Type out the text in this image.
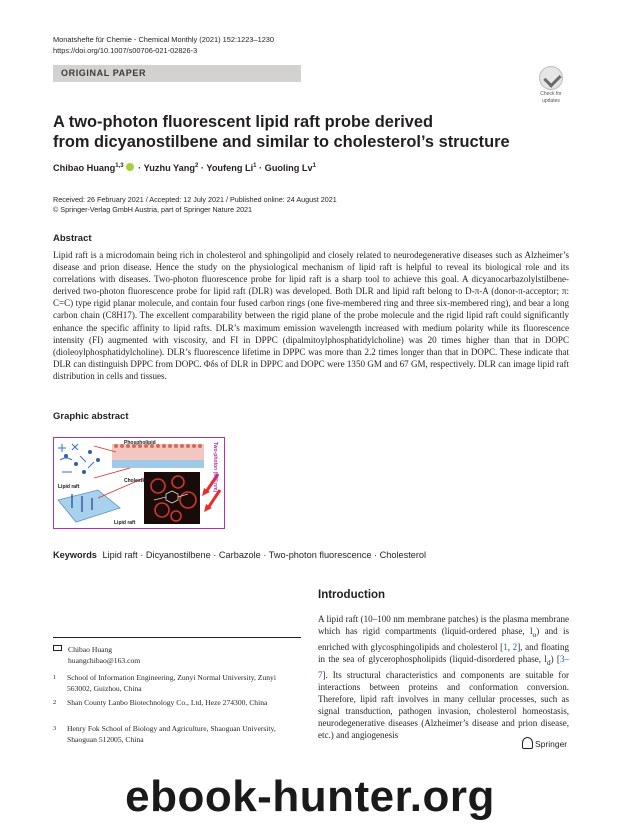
Monatshefte für Chemie - Chemical Monthly (2021) 152:1223–1230
https://doi.org/10.1007/s00706-021-02826-3
ORIGINAL PAPER
Check for
updates
A two-photon fluorescent lipid raft probe derived
from dicyanostilbene and similar to cholesterol’s structure
Chibao Huang$^{1,3}$ · Yuzhu Yang$^2$ · Youfeng $Li^1$ · Guoling Lv$^1$
Received: 26 February 2021 / Accepted: 12 July 2021 / Published online: 24 August 2021
© Springer-Verlag GmbH Austria, part of Springer Nature 2021
Abstract
Lipid raft is a microdomain being rich in cholesterol and sphingolipid and closely related to neurodegenerative diseases such as Alzheimer’s disease and prion disease. Hence the study on the physiological mechanism of lipid raft is helpful to reveal its biological role and its correlations with diseases. Two-photon fluorescence probe for lipid raft is a sharp tool to achieve this goal. A dicyanocarbazolylstilbene-derived two-photon fluorescence probe for lipid raft (DLR) was developed. Both DLR and lipid raft belong to D-π-A (donor-π-acceptor; π: C=C) type rigid planar molecule, and contain four fused carbon rings (one five-membered ring and three six-membered ring), and bear a long carbon chain (C8H17). The excellent comparability between the rigid plane of the probe molecule and the rigid lipid raft could significantly enhance the specific affinity to lipid rafts. DLR’s maximum emission wavelength increased with medium polarity while its fluorescence intensity (FI) augmented with viscosity, and FI in DPPC (dipalmitoylphosphatidylcholine) was 20 times higher than that in DOPC (dioleoylphosphatidylcholine). DLR’s fluorescence lifetime in DPPC was more than 2.2 times longer than that in DOPC. These indicate that DLR can distinguish DPPC from DOPC. Φδs of DLR in DPPC and DOPC were 1350 GM and 67 GM, respectively. DLR can image lipid raft distribution in cells and tissues.
Graphic abstract
Phospholipid
Cholesterol
Lipid raft
Lipid raft
Two-photon (880 nm)
Keywords Lipid raft · Dicyanostilbene · Carbazole · Two-photon fluorescence · Cholesterol
Introduction
A lipid raft (10–100 nm membrane patches) is the plasma membrane which has rigid compartments (liquid-ordered phase, $l_o$) and is enriched with glycosphingolipids and cholesterol [1, 2], and floating in the sea of glycerophospholipids (liquid-disordered phase, $l_d$) [3–7]. Its structural characteristics and components are suitable for interactions between proteins and conformation conversion. Therefore, lipid raft involves in many cellular processes, such as signal transduction, pathogen invasion, cholesterol homeostasis, neurodegenerative diseases (Alzheimer’s disease and prion disease, etc.) and angiogenesis
Chibao Huang
huangchibao@163.com
1 School of Information Engineering, Zunyi Normal University, Zunyi 563002, Guizhou, China
2 Shan County Lanbo Biotechnology Co., Ltd, Heze 274300, China
3 Henry Fok School of Biology and Agriculture, Shaoguan University, Shaoguan 512005, China	Springer
ebook-hunter.org
